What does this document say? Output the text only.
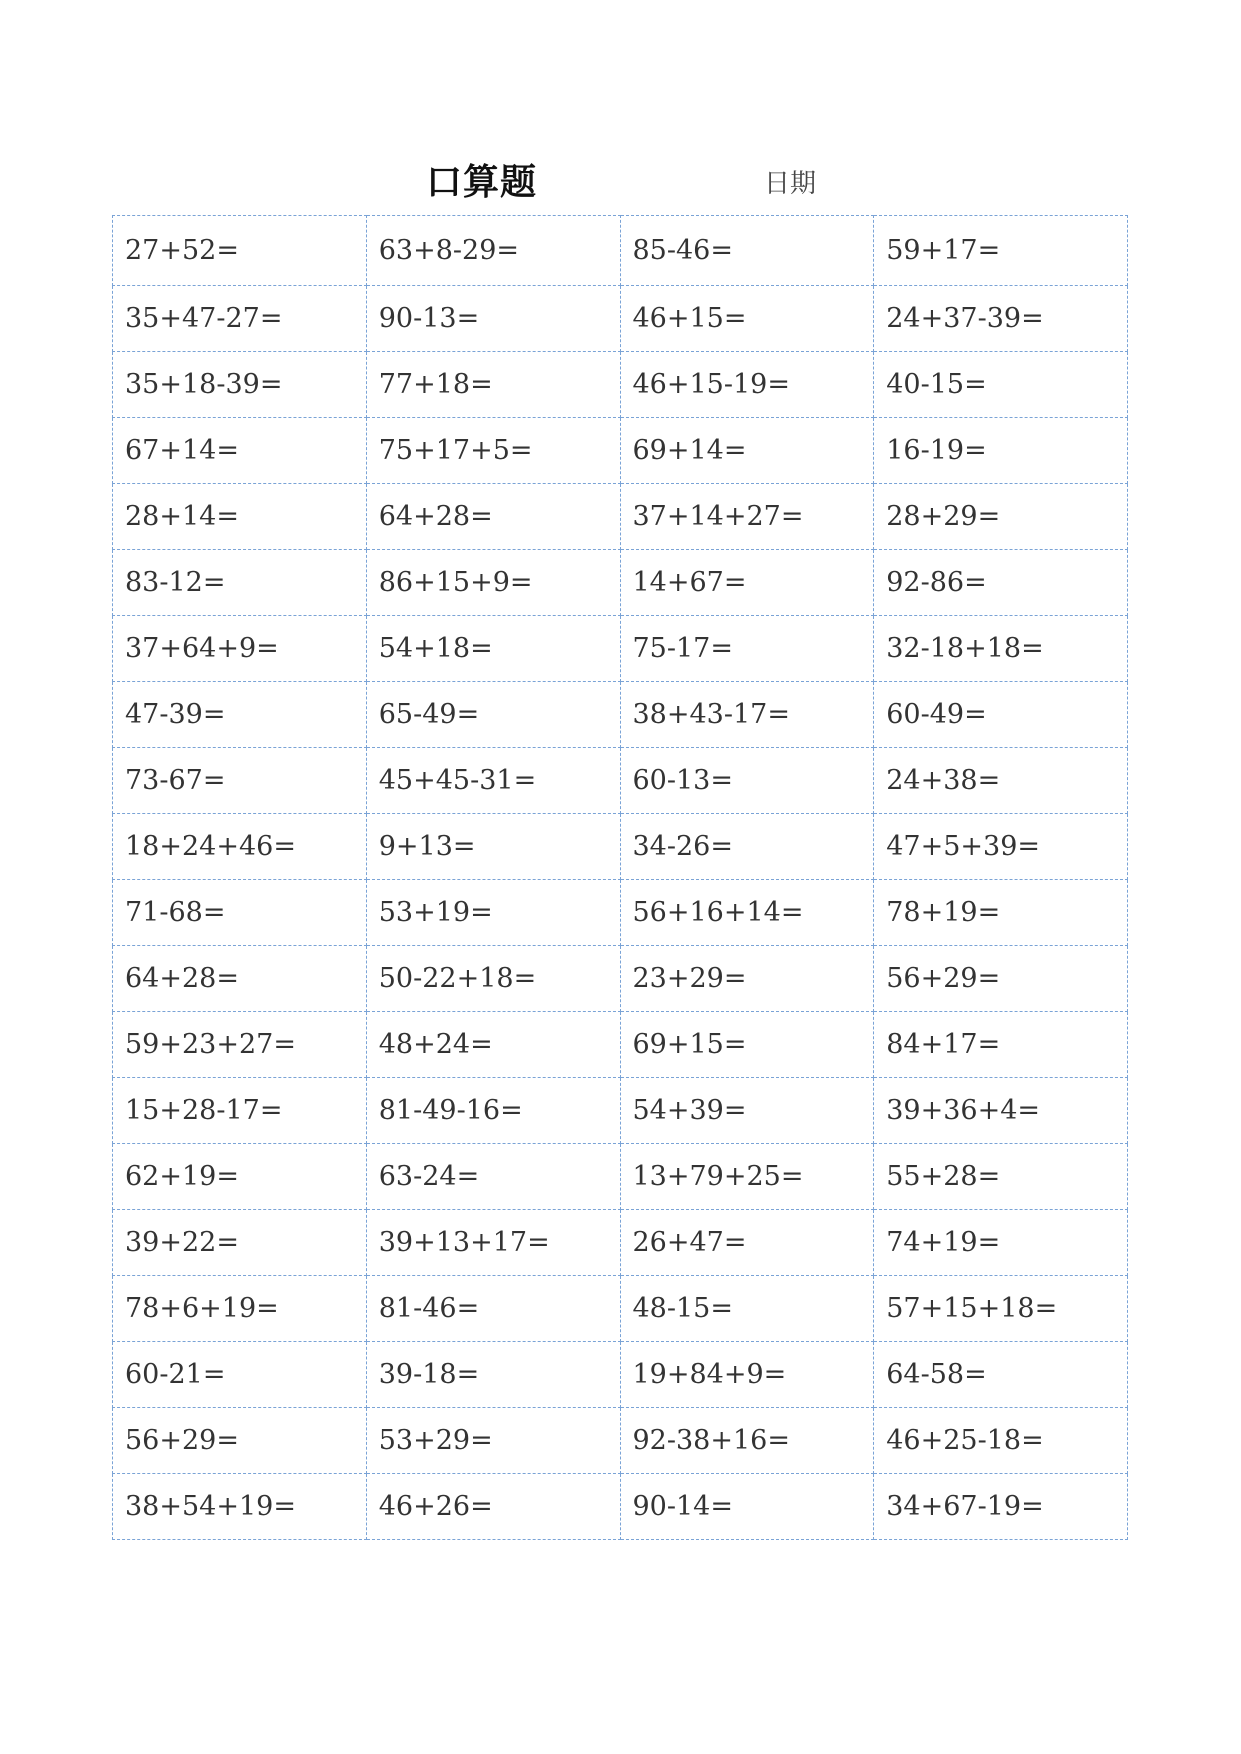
口算题	日期
27+52=	63+8-29=	85-46=	59+17=
35+47-27=	90-13=	46+15=	24+37-39=
35+18-39=	77+18=	46+15-19=	40-15=
67+14=	75+17+5=	69+14=	16-19=
28+14=	64+28=	37+14+27=	28+29=
83-12=	86+15+9=	14+67=	92-86=
37+64+9=	54+18=	75-17=	32-18+18=
47-39=	65-49=	38+43-17=	60-49=
73-67=	45+45-31=	60-13=	24+38=
18+24+46=	9+13=	34-26=	47+5+39=
71-68=	53+19=	56+16+14=	78+19=
64+28=	50-22+18=	23+29=	56+29=
59+23+27=	48+24=	69+15=	84+17=
15+28-17=	81-49-16=	54+39=	39+36+4=
62+19=	63-24=	13+79+25=	55+28=
39+22=	39+13+17=	26+47=	74+19=
78+6+19=	81-46=	48-15=	57+15+18=
60-21=	39-18=	19+84+9=	64-58=
56+29=	53+29=	92-38+16=	46+25-18=
38+54+19=	46+26=	90-14=	34+67-19=
